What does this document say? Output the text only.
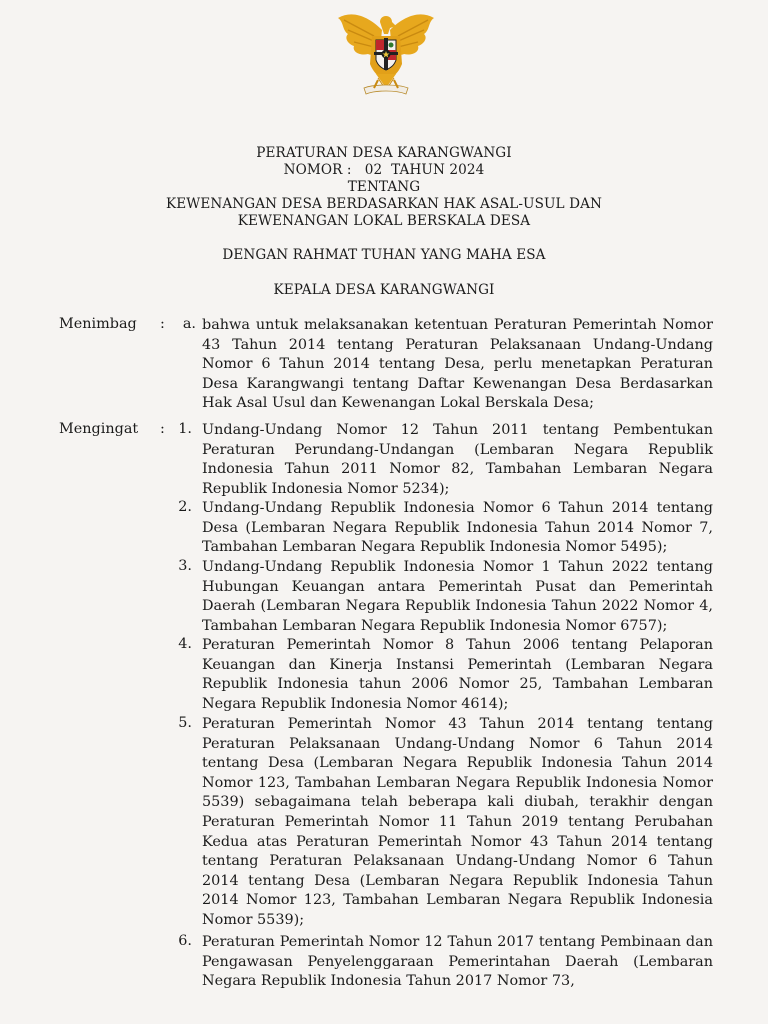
PERATURAN DESA KARANGWANGI
NOMOR :   02  TAHUN 2024
TENTANG
KEWENANGAN DESA BERDASARKAN HAK ASAL-USUL DAN
KEWENANGAN LOKAL BERSKALA DESA
DENGAN RAHMAT TUHAN YANG MAHA ESA
KEPALA DESA KARANGWANGI
Menimbag :	a. bahwa untuk melaksanakan ketentuan Peraturan Pemerintah Nomor 43 Tahun 2014 tentang Peraturan Pelaksanaan Undang-Undang Nomor 6 Tahun 2014 tentang Desa, perlu menetapkan Peraturan Desa Karangwangi tentang Daftar Kewenangan Desa Berdasarkan Hak Asal Usul dan Kewenangan Lokal Berskala Desa;
Mengingat : 1. Undang-Undang Nomor 12 Tahun 2011 tentang Pembentukan Peraturan Perundang-Undangan (Lembaran Negara Republik Indonesia Tahun 2011 Nomor 82, Tambahan Lembaran Negara Republik Indonesia Nomor 5234);
2. Undang-Undang Republik Indonesia Nomor 6 Tahun 2014 tentang Desa (Lembaran Negara Republik Indonesia Tahun 2014 Nomor 7, Tambahan Lembaran Negara Republik Indonesia Nomor 5495);
3. Undang-Undang Republik Indonesia Nomor 1 Tahun 2022 tentang Hubungan Keuangan antara Pemerintah Pusat dan Pemerintah Daerah (Lembaran Negara Republik Indonesia Tahun 2022 Nomor 4, Tambahan Lembaran Negara Republik Indonesia Nomor 6757);
4. Peraturan Pemerintah Nomor 8 Tahun 2006 tentang Pelaporan Keuangan dan Kinerja Instansi Pemerintah (Lembaran Negara Republik Indonesia tahun 2006 Nomor 25, Tambahan Lembaran Negara Republik Indonesia Nomor 4614);
5. Peraturan Pemerintah Nomor 43 Tahun 2014 tentang tentang Peraturan Pelaksanaan Undang-Undang Nomor 6 Tahun 2014 tentang Desa (Lembaran Negara Republik Indonesia Tahun 2014 Nomor 123, Tambahan Lembaran Negara Republik Indonesia Nomor 5539) sebagaimana telah beberapa kali diubah, terakhir dengan Peraturan Pemerintah Nomor 11 Tahun 2019 tentang Perubahan Kedua atas Peraturan Pemerintah Nomor 43 Tahun 2014 tentang tentang Peraturan Pelaksanaan Undang-Undang Nomor 6 Tahun 2014 tentang Desa (Lembaran Negara Republik Indonesia Tahun 2014 Nomor 123, Tambahan Lembaran Negara Republik Indonesia Nomor 5539);
6. Peraturan Pemerintah Nomor 12 Tahun 2017 tentang Pembinaan dan Pengawasan Penyelenggaraan Pemerintahan Daerah (Lembaran Negara Republik Indonesia Tahun 2017 Nomor 73,
